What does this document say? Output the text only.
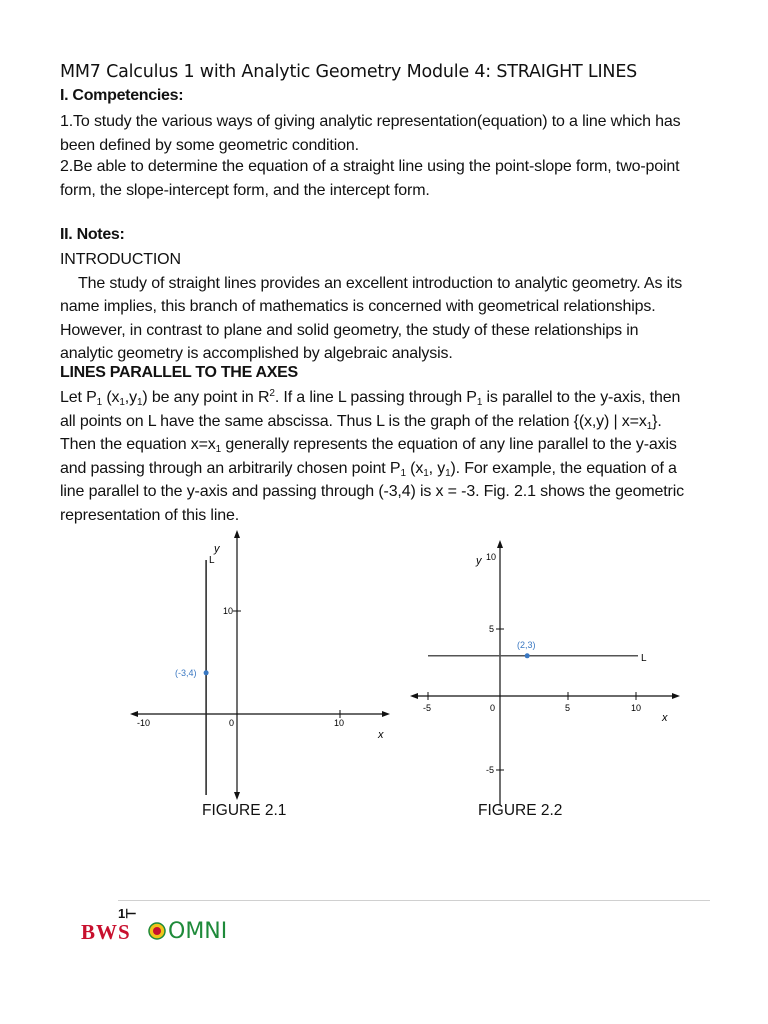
MM7 Calculus 1 with Analytic Geometry Module 4: STRAIGHT LINES
I. Competencies:
1.To study the various ways of giving analytic representation(equation) to a line which has
been defined by some geometric condition.
2.Be able to determine the equation of a straight line using the point-slope form, two-point
form, the slope-intercept form, and the intercept form.
II. Notes:
INTRODUCTION
The study of straight lines provides an excellent introduction to analytic geometry. As its
name implies, this branch of mathematics is concerned with geometrical relationships.
However, in contrast to plane and solid geometry, the study of these relationships in
analytic geometry is accomplished by algebraic analysis.
LINES PARALLEL TO THE AXES
Let $P_1$ $(x_1,y_1)$ be any point in $R^2$. If a line L passing through $P_1$ is parallel to the y-axis, then
all points on L have the same abscissa. Thus L is the graph of the relation {(x,y) | $x=x_1$}.
Then the equation $x=x_1$ generally represents the equation of any line parallel to the y-axis
and passing through an arbitrarily chosen point $P_1$ ($x_1$, $y_1$). For example, the equation of a
line parallel to the y-axis and passing through (-3,4) is x = -3. Fig. 2.1 shows the geometric
representation of this line.
y
L
x
(-3,4)
-10	0	10
10
FIGURE 2.1
y
L
x
(2,3)
-5	0	5	10
10
5
-5
FIGURE 2.2
1⊢
BWS OMNI
